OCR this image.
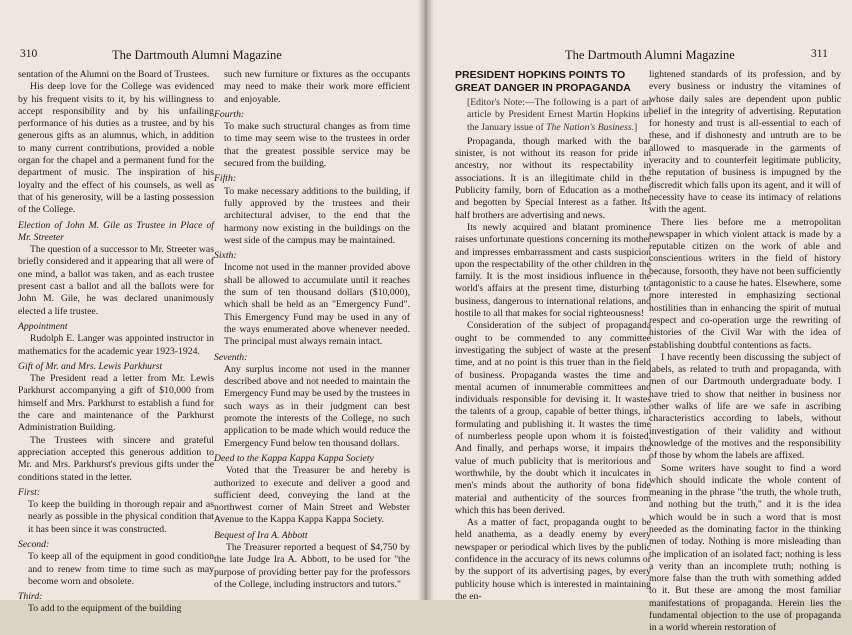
310	The Dartmouth Alumni Magazine

sentation of the Alumni on the Board of Trustees.

His deep love for the College was evidenced by his frequent visits to it, by his willingness to accept responsibility and by his unfailing performance of his duties as a trustee, and by his generous gifts as an alumnus, which, in addition to many current contributions, provided a noble organ for the chapel and a permanent fund for the department of music. The inspiration of his loyalty and the effect of his counsels, as well as that of his generosity, will be a lasting possession of the College.

Election of John M. Gile as Trustee in Place of Mr. Streeter

The question of a successor to Mr. Streeter was briefly considered and it appearing that all were of one mind, a ballot was taken, and as each trustee present cast a ballot and all the ballots were for John M. Gile, he was declared unanimously elected a life trustee.

Appointment

Rudolph E. Langer was appointed instructor in mathematics for the academic year 1923-1924.

Gift of Mr. and Mrs. Lewis Parkhurst

The President read a letter from Mr. Lewis Parkhurst accompanying a gift of $10,000 from himself and Mrs. Parkhurst to establish a fund for the care and maintenance of the Parkhurst Administration Building.

The Trustees with sincere and grateful appreciation accepted this generous addition to Mr. and Mrs. Parkhurst's previous gifts under the conditions stated in the letter.

First:

To keep the building in thorough repair and as nearly as possible in the physical condition that it has been since it was constructed.

Second:

To keep all of the equipment in good condition and to renew from time to time such as may become worn and obsolete.

Third:

To add to the equipment of the building

such new furniture or fixtures as the occupants may need to make their work more efficient and enjoyable.

Fourth:

To make such structural changes as from time to time may seem wise to the trustees in order that the greatest possible service may be secured from the building.

Fifth:

To make necessary additions to the building, if fully approved by the trustees and their architectural adviser, to the end that the harmony now existing in the buildings on the west side of the campus may be maintained.

Sixth:

Income not used in the manner provided above shall be allowed to accumulate until it reaches the sum of ten thousand dollars ($10,000), which shall be held as an "Emergency Fund". This Emergency Fund may be used in any of the ways enumerated above whenever needed. The principal must always remain intact.

Seventh:

Any surplus income not used in the manner described above and not needed to maintain the Emergency Fund may be used by the trustees in such ways as in their judgment can best promote the interests of the College, no such application to be made which would reduce the Emergency Fund below ten thousand dollars.

Deed to the Kappa Kappa Kappa Society

Voted that the Treasurer be and hereby is authorized to execute and deliver a good and sufficient deed, conveying the land at the northwest corner of Main Street and Webster Avenue to the Kappa Kappa Kappa Society.

Bequest of Ira A. Abbott

The Treasurer reported a bequest of $4,750 by the late Judge Ira A. Abbott, to be used for "the purpose of providing better pay for the professors of the College, including instructors and tutors."

The Dartmouth Alumni Magazine	311

PRESIDENT HOPKINS POINTS TO GREAT DANGER IN PROPAGANDA

[Editor's Note:—The following is a part of an article by President Ernest Martin Hopkins in the January issue of The Nation's Business.]

Propaganda, though marked with the bar sinister, is not without its reason for pride in ancestry, nor without its respectability in associations. It is an illegitimate child in the Publicity family, born of Education as a mother and begotten by Special Interest as a father. Its half brothers are advertising and news.

Its newly acquired and blatant prominence raises unfortunate questions concerning its mother and impresses embarrassment and casts suspicion upon the respectability of the other children in the family. It is the most insidious influence in the world's affairs at the present time, disturbing to business, dangerous to international relations, and hostile to all that makes for social righteousness!

Consideration of the subject of propaganda ought to be commended to any committee investigating the subject of waste at the present time, and at no point is this truer than in the field of business. Propaganda wastes the time and mental acumen of innumerable committees and individuals responsible for devising it. It wastes the talents of a group, capable of better things, in formulating and publishing it. It wastes the time of numberless people upon whom it is foisted. And finally, and perhaps worse, it impairs the value of much publicity that is meritorious and worthwhile, by the doubt which it inculcates in men's minds about the authority of bona fide material and authenticity of the sources from which this has been derived.

As a matter of fact, propaganda ought to be held anathema, as a deadly enemy by every newspaper or periodical which lives by the public confidence in the accuracy of its news columns or by the support of its advertising pages, by every publicity house which is interested in maintaining the en-

lightened standards of its profession, and by every business or industry the vitamines of whose daily sales are dependent upon public belief in the integrity of advertising. Reputation for honesty and trust is all-essential to each of these, and if dishonesty and untruth are to be allowed to masquerade in the garments of veracity and to counterfeit legitimate publicity, the reputation of business is impugned by the discredit which falls upon its agent, and it will of necessity have to cease its intimacy of relations with the agent.

There lies before me a metropolitan newspaper in which violent attack is made by a reputable citizen on the work of able and conscientious writers in the field of history because, forsooth, they have not been sufficiently antagonistic to a cause he hates. Elsewhere, some more interested in emphasizing sectional hostilities than in enhancing the spirit of mutual respect and co-operation urge the rewriting of histories of the Civil War with the idea of establishing doubtful contentions as facts.

I have recently been discussing the subject of labels, as related to truth and propaganda, with men of our Dartmouth undergraduate body. I have tried to show that neither in business nor other walks of life are we safe in ascribing characteristics according to labels, without investigation of their validity and without knowledge of the motives and the responsibility of those by whom the labels are affixed.

Some writers have sought to find a word which should indicate the whole content of meaning in the phrase "the truth, the whole truth, and nothing but the truth," and it is the idea which would be in such a word that is most needed as the dominating factor in the thinking men of today. Nothing is more misleading than the implication of an isolated fact; nothing is less a verity than an incomplete truth; nothing is more false than the truth with something added to it. But these are among the most familiar manifestations of propaganda. Herein lies the fundamental objection to the use of propaganda in a world wherein restoration of
